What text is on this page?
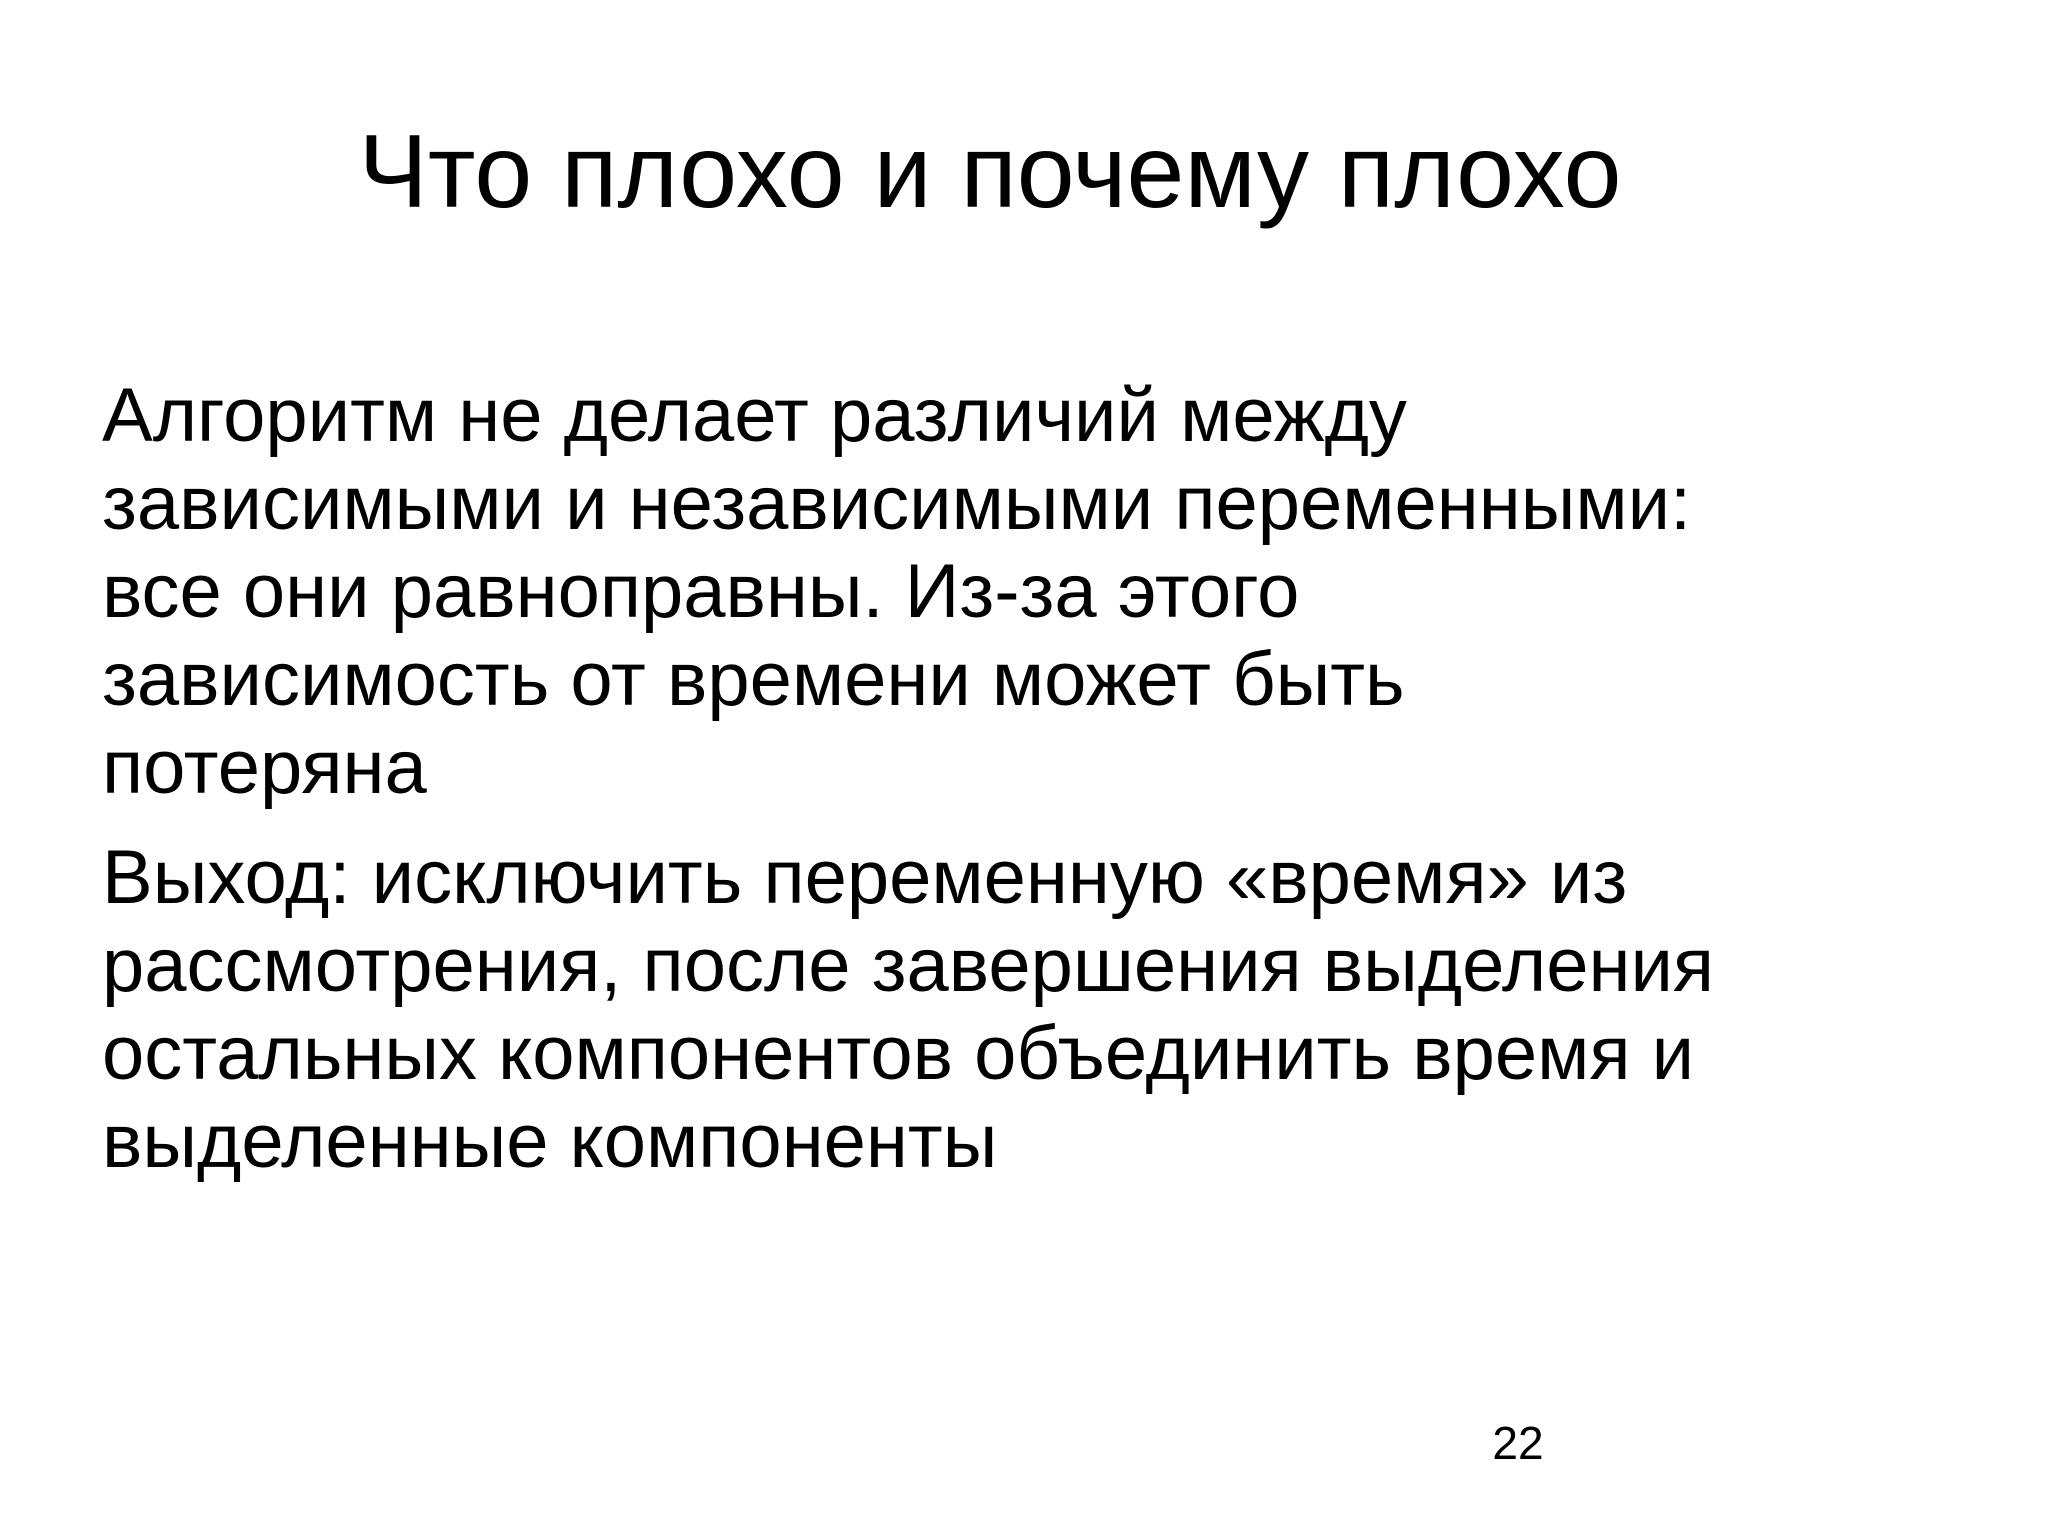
Что плохо и почему плохо

Алгоритм не делает различий между
зависимыми и независимыми переменными:
все они равноправны. Из-за этого
зависимость от времени может быть
потеряна

Выход: исключить переменную «время» из
рассмотрения, после завершения выделения
остальных компонентов объединить время и
выделенные компоненты

22
